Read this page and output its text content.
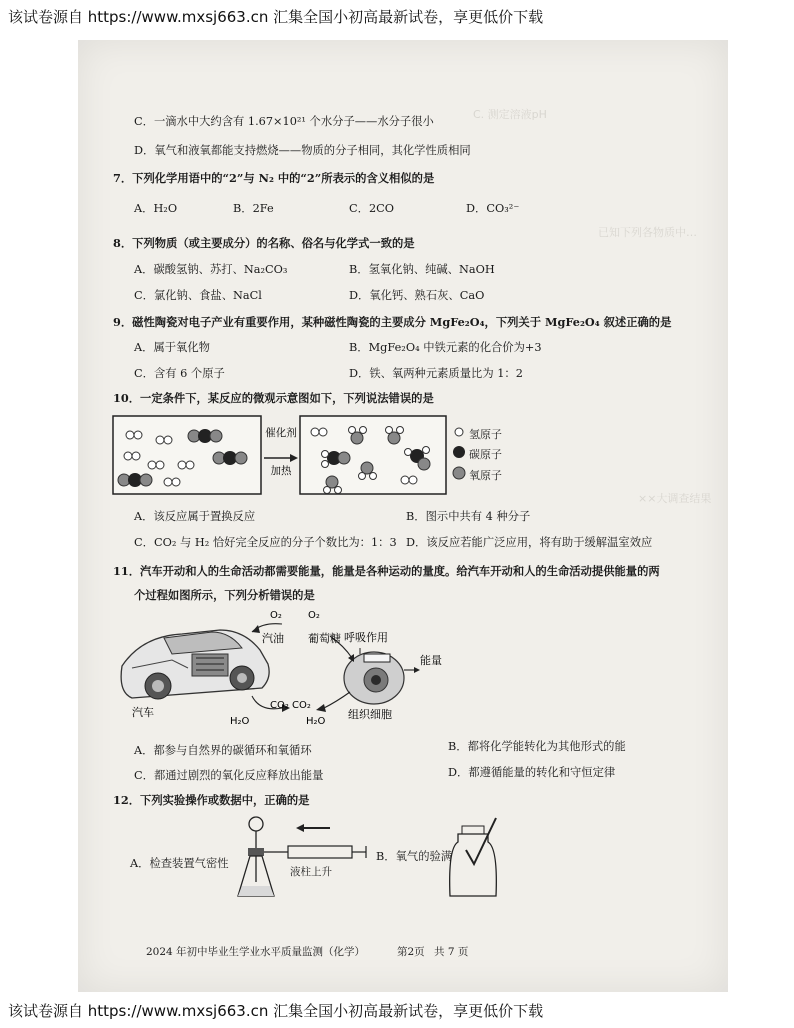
该试卷源自 https://www.mxsj663.cn 汇集全国小初高最新试卷，享更低价下载
C. 测定溶液pH
已知下列各物质中…
××大调查结果
C．一滴水中大约含有 1.67×10²¹ 个水分子——水分子很小
D．氧气和液氧都能支持燃烧——物质的分子相同，其化学性质相同
7．下列化学用语中的“2”与 N₂ 中的“2”所表示的含义相似的是
A．H₂O	B．2Fe	C．2CO	D．CO₃²⁻
8．下列物质（或主要成分）的名称、俗名与化学式一致的是
A．碳酸氢钠、苏打、Na₂CO₃	B．氢氧化钠、纯碱、NaOH
C．氯化钠、食盐、NaCl	D．氧化钙、熟石灰、CaO
9．磁性陶瓷对电子产业有重要作用，某种磁性陶瓷的主要成分 MgFe₂O₄，下列关于 MgFe₂O₄ 叙述正确的是
A．属于氧化物	B．MgFe₂O₄ 中铁元素的化合价为+3
C．含有 6 个原子	D．铁、氧两种元素质量比为 1：2
10．一定条件下，某反应的微观示意图如下，下列说法错误的是
催化剂
加热
氢原子
碳原子
氧原子
A．该反应属于置换反应	B．图示中共有 4 种分子
C．CO₂ 与 H₂ 恰好完全反应的分子个数比为：1：3 D．该反应若能广泛应用，将有助于缓解温室效应
11．汽车开动和人的生命活动都需要能量，能量是各种运动的量度。给汽车开动和人的生命活动提供能量的两
个过程如图所示，下列分析错误的是
O₂
汽油
O₂
葡萄糖 呼吸作用
能量
汽车
CO₂ CO₂
H₂O	H₂O
组织细胞
A．都参与自然界的碳循环和氧循环	B．都将化学能转化为其他形式的能
C．都通过剧烈的氧化反应释放出能量	D．都遵循能量的转化和守恒定律
12．下列实验操作或数据中，正确的是
A．检查装置气密性
液柱上升
B．氧气的验满
2024 年初中毕业生学业水平质量监测（化学）	第2页 共 7 页
该试卷源自 https://www.mxsj663.cn 汇集全国小初高最新试卷，享更低价下载
